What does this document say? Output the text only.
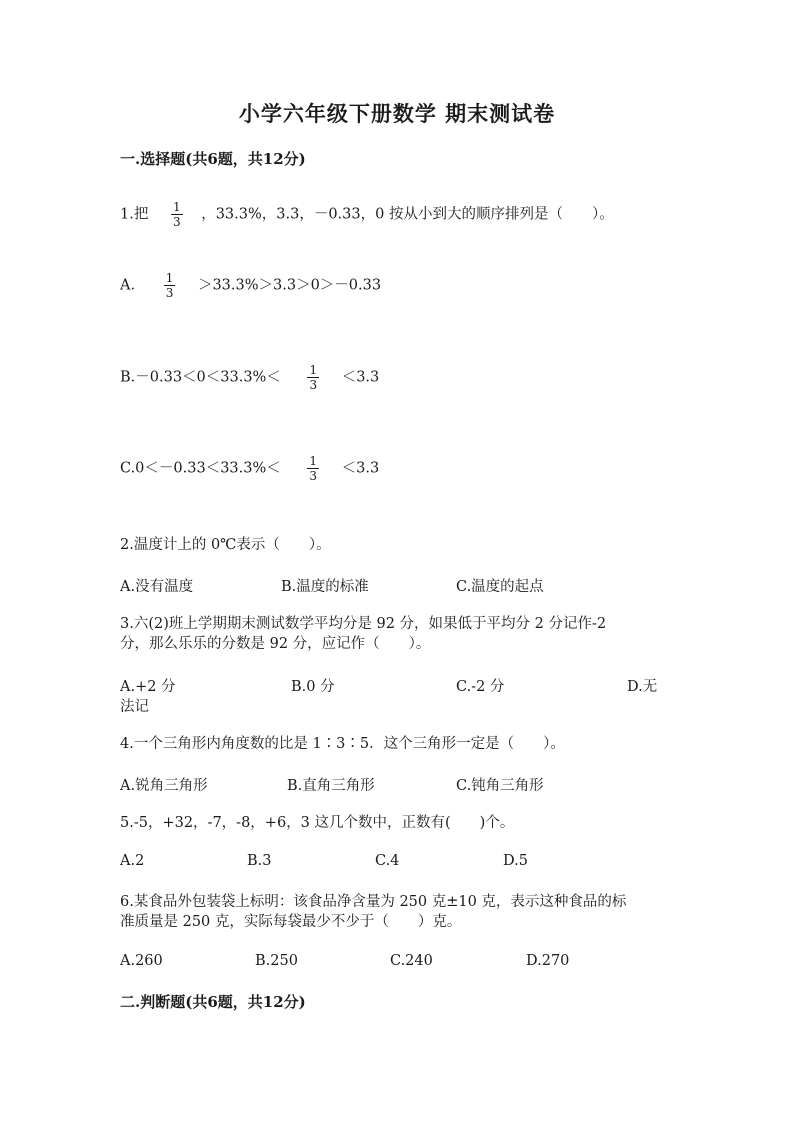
小学六年级下册数学 期末测试卷
一.选择题(共6题，共12分)
1.把 $\frac{1}{3}$ ，33.3%，3.3，－0.33，0 按从小到大的顺序排列是（　　）。
A. $\frac{1}{3} >33.3\%>3.3>0>-0.33$
$B.-0.33<0<33.3\%< \frac{1}{3} <3.3$
$C.0<-0.33<33.3\%< \frac{1}{3} <3.3$
2.温度计上的 0℃表示（　　）。
A.没有温度	B.温度的标准	C.温度的起点
3.六(2)班上学期期末测试数学平均分是 92 分，如果低于平均分 2 分记作-2
分，那么乐乐的分数是 92 分，应记作（　　）。
A.+2 分	B.0 分	C.-2 分	D.无
法记
4.一个三角形内角度数的比是 1∶3∶5．这个三角形一定是（　　）。
A.锐角三角形	B.直角三角形	C.钝角三角形
5.-5，+32，-7，-8，+6，3 这几个数中，正数有(　　)个。
A.2	B.3	C.4	D.5
6.某食品外包装袋上标明：该食品净含量为 250 克±10 克，表示这种食品的标
准质量是 250 克，实际每袋最少不少于（　　）克。
A.260	B.250	C.240	D.270
二.判断题(共6题，共12分)
